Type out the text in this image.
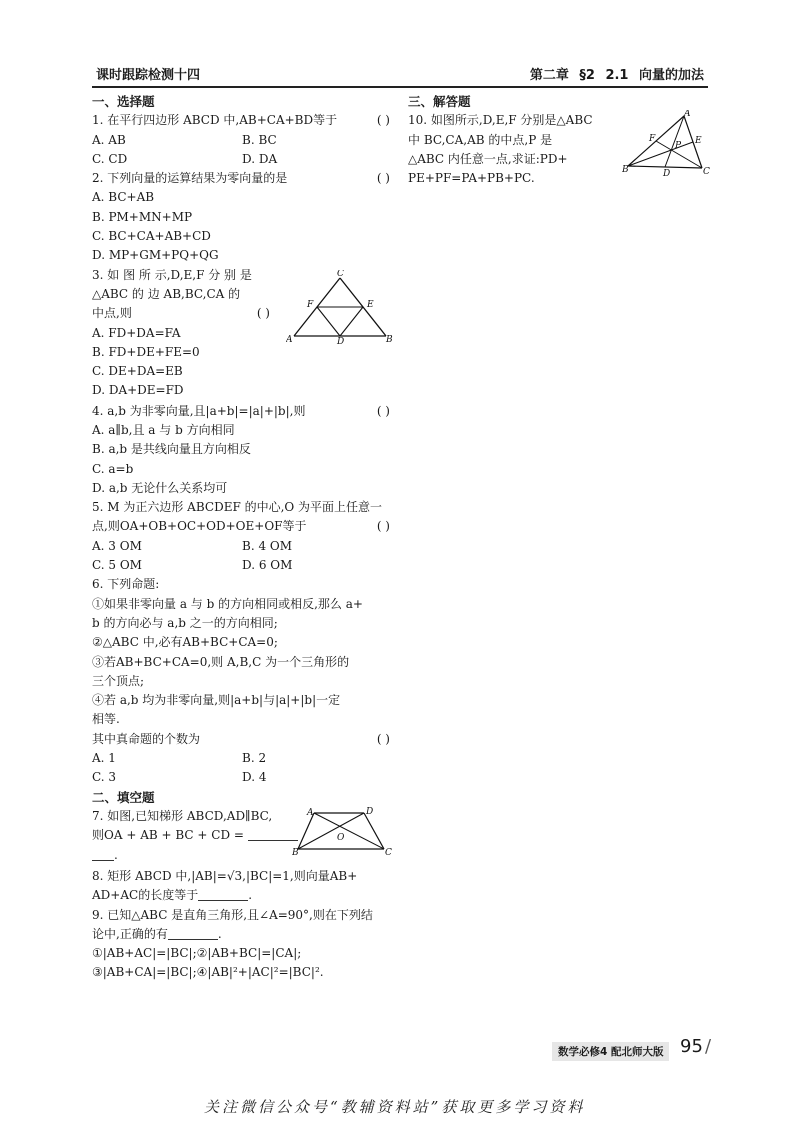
课时跟踪检测十四	第二章 §2 2.1 向量的加法
一、选择题
1. 在平行四边形 ABCD 中,AB+CA+BD等于	( )
A. AB	B. BC
C. CD	D. DA
2. 下列向量的运算结果为零向量的是	( )
A. BC+AB
B. PM+MN+MP
C. BC+CA+AB+CD
D. MP+GM+PQ+QG
3. 如 图 所 示,D,E,F 分 别 是
△ABC 的 边 AB,BC,CA 的
中点,则	( )
A. FD+DA=FA
B. FD+DE+FE=0
C. DE+DA=EB
D. DA+DE=FD
A	B
C
D
E
F
4. a,b 为非零向量,且|a+b|=|a|+|b|,则	( )
A. a∥b,且 a 与 b 方向相同
B. a,b 是共线向量且方向相反
C. a=b
D. a,b 无论什么关系均可
5. M 为正六边形 ABCDEF 的中心,O 为平面上任意一
点,则OA+OB+OC+OD+OE+OF等于	( )
A. 3 OM	B. 4 OM
C. 5 OM	D. 6 OM
6. 下列命题:
①如果非零向量 a 与 b 的方向相同或相反,那么 a+
b 的方向必与 a,b 之一的方向相同;
②△ABC 中,必有AB+BC+CA=0;
③若AB+BC+CA=0,则 A,B,C 为一个三角形的
三个顶点;
④若 a,b 均为非零向量,则|a+b|与|a|+|b|一定
相等.
其中真命题的个数为	( )
A. 1	B. 2
C. 3	D. 4
二、填空题
7. 如图,已知梯形 ABCD,AD∥BC,
则OA + AB + BC + CD =
.
A
B	C
D
O
8. 矩形 ABCD 中,|AB|=√3,|BC|=1,则向量AB+
AD+AC的长度等于	.
9. 已知△ABC 是直角三角形,且∠A=90°,则在下列结
论中,正确的有	.
①|AB+AC|=|BC|;②|AB+BC|=|CA|;
③|AB+CA|=|BC|;④|AB|²+|AC|²=|BC|².
三、解答题
10. 如图所示,D,E,F 分别是△ABC
中 BC,CA,AB 的中点,P 是
△ABC 内任意一点,求证:PD+
PE+PF=PA+PB+PC.
A
B	C
D
E
F
P
数学必修4 配北师大版 95 /
关注微信公众号“教辅资料站”获取更多学习资料
